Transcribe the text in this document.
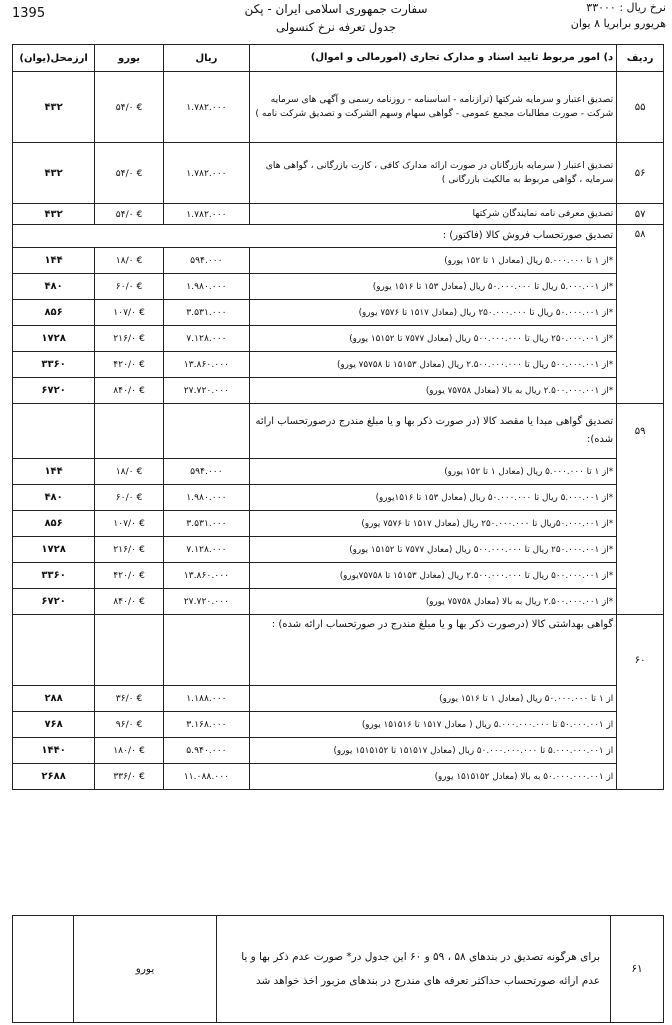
1395	سفارت جمهوری اسلامی ایران - پکن
جدول تعرفه نرخ کنسولی
نرخ ریال : ۳۳۰۰۰
هریورو برابریا ۸ یوان
ردیف	د) امور مربوط تایید اسناد و مدارک تجاری (امورمالی و اموال)	ریال	یورو	ارزمحل(یوان)
۵۵	تصدیق اعتبار و سرمایه شرکتها (ترازنامه - اساسنامه - روزنامه رسمی و آگهی های سرمایه شرکت - صورت مطالبات مجمع عمومی - گواهی سهام وسهم الشرکت و تصدیق شرکت نامه )	۱.۷۸۲.۰۰۰	€ ۵۴/۰	۴۳۲
۵۶	تصدیق اعتبار ( سرمایه بازرگانان در صورت ارائه مدارک کافی ، کارت بازرگانی ، گواهی های سرمایه ، گواهی مربوط به مالکیت بازرگانی )	۱.۷۸۲.۰۰۰	€ ۵۴/۰	۴۳۲
۵۷	تصدیق معرفی نامه نمایندگان شرکتها	۱.۷۸۲.۰۰۰	€ ۵۴/۰	۴۳۲
۵۸	تصدیق صورتحساب فروش کالا (فاکتور) :			
	*از ۱ تا ۵.۰۰۰.۰۰۰ ریال (معادل ۱ تا ۱۵۲ یورو)	۵۹۴.۰۰۰	€ ۱۸/۰	۱۴۴
	*از ۵.۰۰۰.۰۰۱ ریال تا ۵۰.۰۰۰.۰۰۰ ریال (معادل ۱۵۳ تا ۱۵۱۶ یورو)	۱.۹۸۰.۰۰۰	€ ۶۰/۰	۴۸۰
	*از ۵۰.۰۰۰.۰۰۱ ریال تا ۲۵۰.۰۰۰.۰۰۰ ریال (معادل ۱۵۱۷ تا ۷۵۷۶ یورو)	۳.۵۳۱.۰۰۰	€ ۱۰۷/۰	۸۵۶
	*از ۲۵۰.۰۰۰.۰۰۱ ریال تا ۵۰۰.۰۰۰.۰۰۰ ریال (معادل ۷۵۷۷ تا ۱۵۱۵۲ یورو)	۷.۱۲۸.۰۰۰	€ ۲۱۶/۰	۱۷۲۸
	*از ۵۰۰.۰۰۰.۰۰۱ ریال تا ۲.۵۰۰.۰۰۰.۰۰۰ ریال (معادل ۱۵۱۵۳ تا ۷۵۷۵۸ یورو)	۱۳.۸۶۰.۰۰۰	€ ۴۲۰/۰	۳۳۶۰
	*از ۲.۵۰۰.۰۰۰.۰۰۱ ریال به بالا (معادل ۷۵۷۵۸ یورو)	۲۷.۷۲۰.۰۰۰	€ ۸۴۰/۰	۶۷۲۰
۵۹	تصدیق گواهی مبدا یا مقصد کالا (در صورت ذکر بها و یا مبلغ مندرج درصورتحساب ارائه شده):			
	*از ۱ تا ۵.۰۰۰.۰۰۰ ریال (معادل ۱ تا ۱۵۲ یورو)	۵۹۴.۰۰۰	€ ۱۸/۰	۱۴۴
	*از ۵.۰۰۰.۰۰۱ ریال تا ۵۰.۰۰۰.۰۰۰ ریال (معادل ۱۵۳ تا ۱۵۱۶یورو)	۱.۹۸۰.۰۰۰	€ ۶۰/۰	۴۸۰
	*از ۵۰.۰۰۰.۰۰۱ریال تا ۲۵۰.۰۰۰.۰۰۰ ریال (معادل ۱۵۱۷ تا ۷۵۷۶ یورو)	۳.۵۳۱.۰۰۰	€ ۱۰۷/۰	۸۵۶
	*از ۲۵۰.۰۰۰.۰۰۱ ریال تا ۵۰۰.۰۰۰.۰۰۰ ریال (معادل ۷۵۷۷ تا ۱۵۱۵۲ یورو)	۷.۱۲۸.۰۰۰	€ ۲۱۶/۰	۱۷۲۸
	*از ۵۰۰.۰۰۰.۰۰۱ ریال تا ۲.۵۰۰.۰۰۰.۰۰۰ ریال (معادل ۱۵۱۵۳ تا ۷۵۷۵۸یورو)	۱۳.۸۶۰.۰۰۰	€ ۴۲۰/۰	۳۳۶۰
	*از ۲.۵۰۰.۰۰۰.۰۰۱ ریال به بالا (معادل ۷۵۷۵۸ یورو)	۲۷.۷۲۰.۰۰۰	€ ۸۴۰/۰	۶۷۲۰
۶۰	گواهی بهداشتی کالا (درصورت ذکر بها و یا مبلغ مندرج در صورتحساب ارائه شده) :			
	از ۱ تا ۵۰.۰۰۰.۰۰۰ ریال (معادل ۱ تا ۱۵۱۶ یورو)	۱.۱۸۸.۰۰۰	€ ۳۶/۰	۲۸۸
	از ۵۰.۰۰۰.۰۰۱ تا ۵.۰۰۰.۰۰۰.۰۰۰ ریال ( معادل ۱۵۱۷ تا ۱۵۱۵۱۶ یورو)	۳.۱۶۸.۰۰۰	€ ۹۶/۰	۷۶۸
	از ۵.۰۰۰.۰۰۰.۰۰۱ تا ۵۰.۰۰۰.۰۰۰.۰۰۰ ریال (معادل ۱۵۱۵۱۷ تا ۱۵۱۵۱۵۲ یورو)	۵.۹۴۰.۰۰۰	€ ۱۸۰/۰	۱۴۴۰
	از ۵۰.۰۰۰.۰۰۰.۰۰۱ به بالا (معادل ۱۵۱۵۱۵۲ یورو)	۱۱.۰۸۸.۰۰۰	€ ۳۳۶/۰	۲۶۸۸
۶۱	برای هرگونه تصدیق در بندهای ۵۸ ، ۵۹ و ۶۰ این جدول در* صورت عدم ذکر بها و یا عدم ارائه صورتحساب حداکثر تعرفه های مندرج در بندهای مزبور اخذ خواهد شد	یورو	
